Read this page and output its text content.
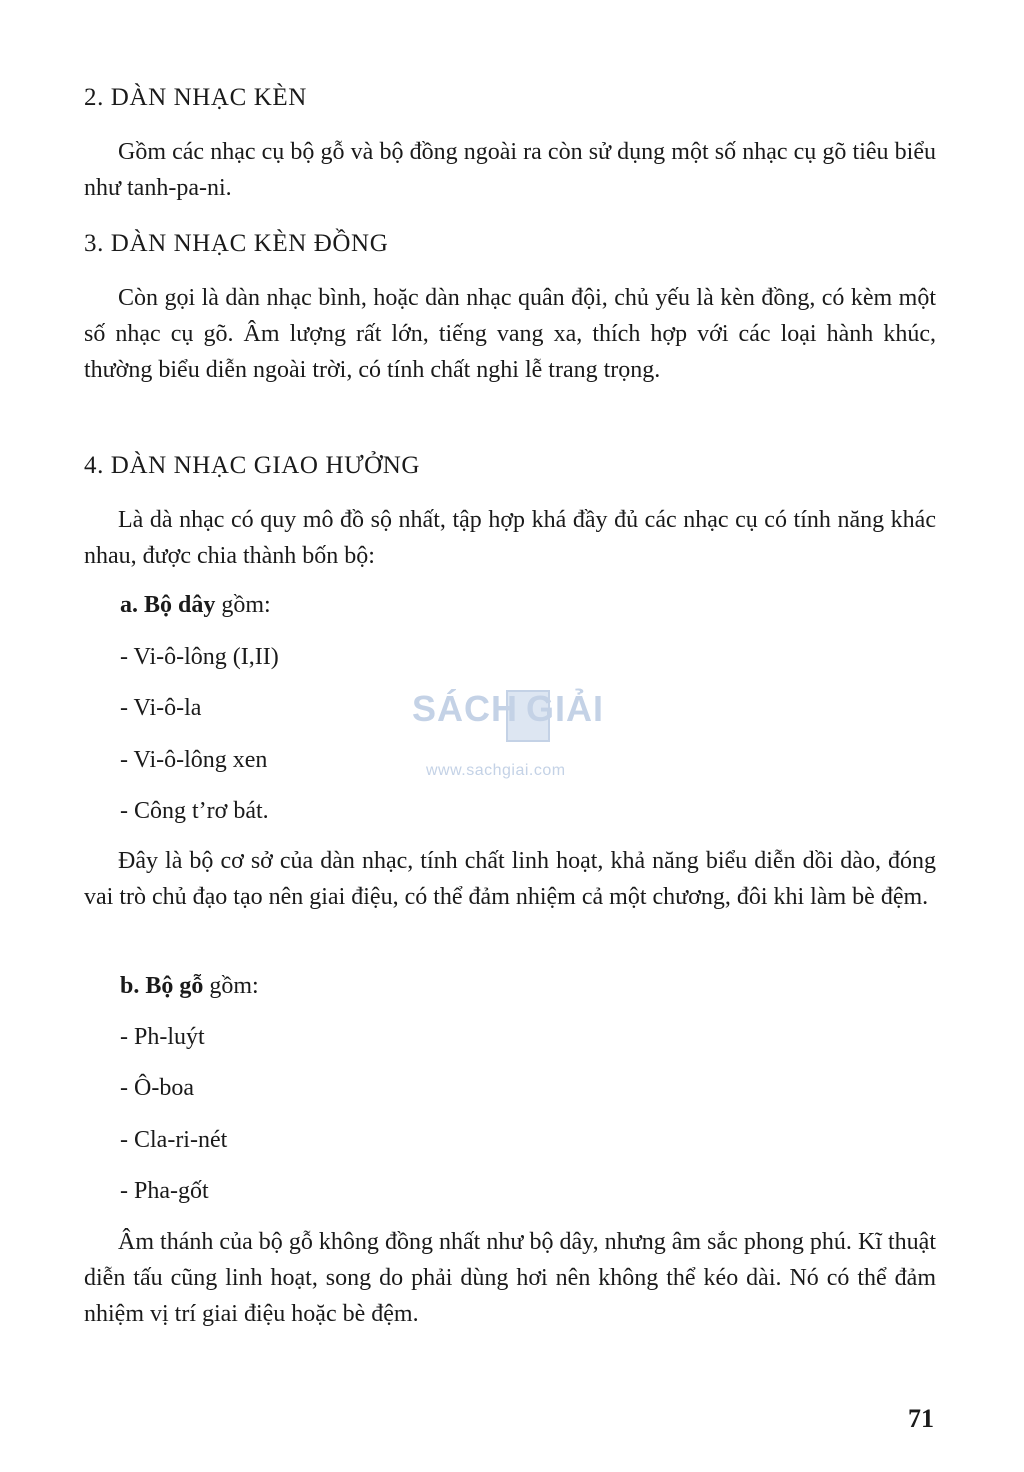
2. DÀN NHẠC KÈN

Gồm các nhạc cụ bộ gỗ và bộ đồng ngoài ra còn sử dụng một số nhạc cụ gõ tiêu biểu như tanh-pa-ni.

3. DÀN NHẠC KÈN ĐỒNG

Còn gọi là dàn nhạc bình, hoặc dàn nhạc quân đội, chủ yếu là kèn đồng, có kèm một số nhạc cụ gõ. Âm lượng rất lớn, tiếng vang xa, thích hợp với các loại hành khúc, thường biểu diễn ngoài trời, có tính chất nghi lễ trang trọng.

4. DÀN NHẠC GIAO HƯỞNG

Là dà nhạc có quy mô đồ sộ nhất, tập hợp khá đầy đủ các nhạc cụ có tính năng khác nhau, được chia thành bốn bộ:

a. Bộ dây gồm:

- Vi-ô-lông (I,II)

- Vi-ô-la

- Vi-ô-lông xen

- Công t’rơ bát.

Đây là bộ cơ sở của dàn nhạc, tính chất linh hoạt, khả năng biểu diễn dồi dào, đóng vai trò chủ đạo tạo nên giai điệu, có thể đảm nhiệm cả một chương, đôi khi làm bè đệm.

b. Bộ gỗ gồm:

- Ph-luýt

- Ô-boa

- Cla-ri-nét

- Pha-gốt

Âm thánh của bộ gỗ không đồng nhất như bộ dây, nhưng âm sắc phong phú. Kĩ thuật diễn tấu cũng linh hoạt, song do phải dùng hơi nên không thể kéo dài. Nó có thể đảm nhiệm vị trí giai điệu hoặc bè đệm.

SÁCH GIẢI
www.sachgiai.com
71
